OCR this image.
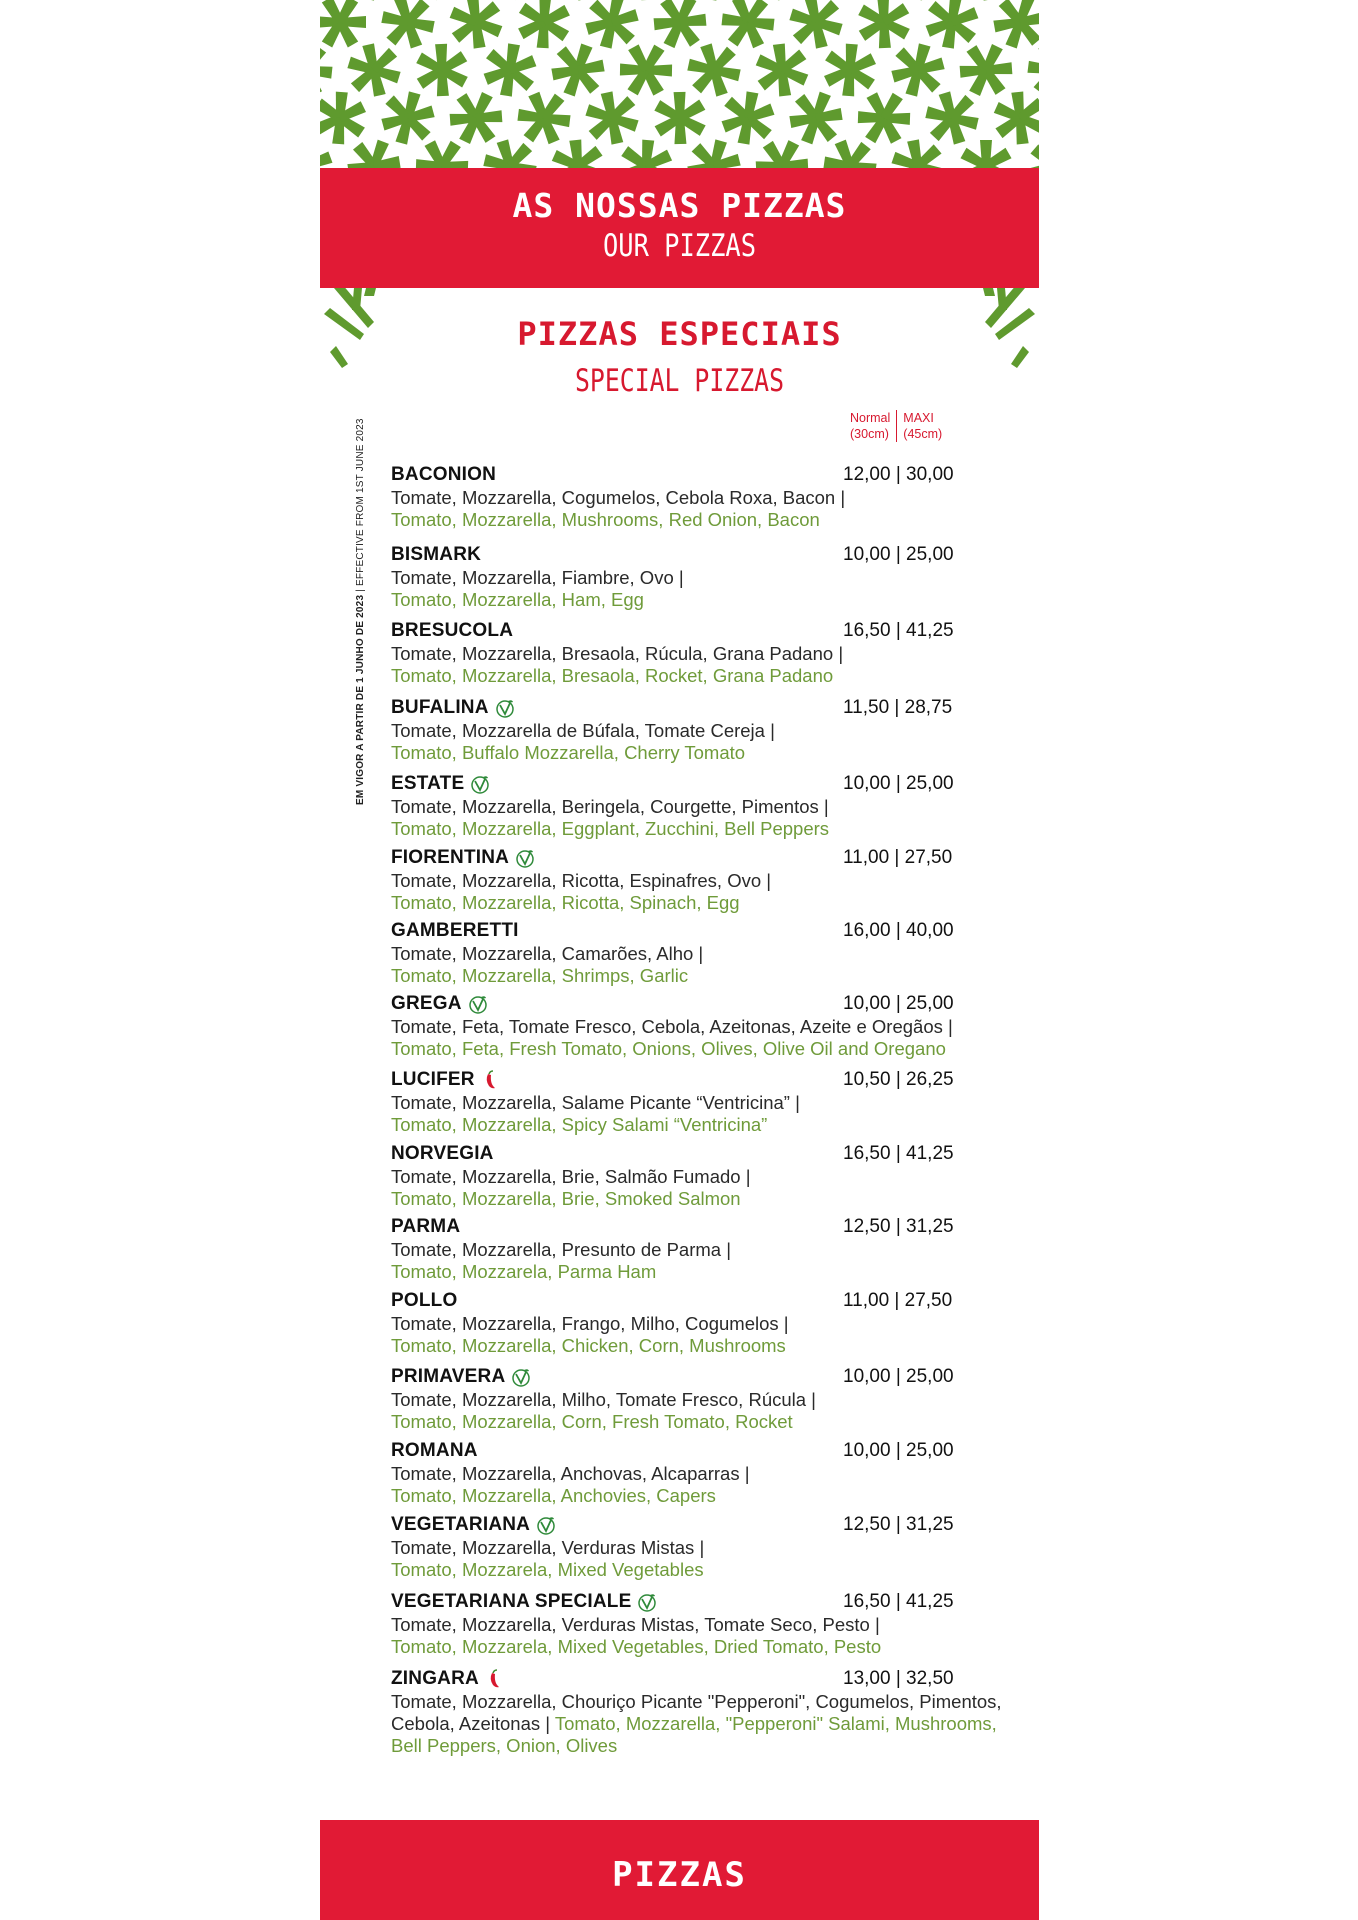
AS NOSSAS PIZZAS
OUR PIZZAS
PIZZAS ESPECIAIS
SPECIAL PIZZAS
Normal
(30cm)
MAXI
(45cm)
EM VIGOR A PARTIR DE 1 JUNHO DE 2023 | EFFECTIVE FROM 1ST JUNE 2023 BACONION	12,00 | 30,00
Tomate, Mozzarella, Cogumelos, Cebola Roxa, Bacon |
Tomato, Mozzarella, Mushrooms, Red Onion, Bacon
BISMARK	10,00 | 25,00
Tomate, Mozzarella, Fiambre, Ovo |
Tomato, Mozzarella, Ham, Egg
BRESUCOLA	16,50 | 41,25
Tomate, Mozzarella, Bresaola, Rúcula, Grana Padano |
Tomato, Mozzarella, Bresaola, Rocket, Grana Padano
BUFALINA	11,50 | 28,75
Tomate, Mozzarella de Búfala, Tomate Cereja |
Tomato, Buffalo Mozzarella, Cherry Tomato
ESTATE	10,00 | 25,00
Tomate, Mozzarella, Beringela, Courgette, Pimentos |
Tomato, Mozzarella, Eggplant, Zucchini, Bell Peppers
FIORENTINA	11,00 | 27,50
Tomate, Mozzarella, Ricotta, Espinafres, Ovo |
Tomato, Mozzarella, Ricotta, Spinach, Egg
GAMBERETTI	16,00 | 40,00
Tomate, Mozzarella, Camarões, Alho |
Tomato, Mozzarella, Shrimps, Garlic
GREGA	10,00 | 25,00
Tomate, Feta, Tomate Fresco, Cebola, Azeitonas, Azeite e Oregãos |
Tomato, Feta, Fresh Tomato, Onions, Olives, Olive Oil and Oregano
LUCIFER	10,50 | 26,25
Tomate, Mozzarella, Salame Picante “Ventricina” |
Tomato, Mozzarella, Spicy Salami “Ventricina”
NORVEGIA	16,50 | 41,25
Tomate, Mozzarella, Brie, Salmão Fumado |
Tomato, Mozzarella, Brie, Smoked Salmon
PARMA	12,50 | 31,25
Tomate, Mozzarella, Presunto de Parma |
Tomato, Mozzarela, Parma Ham
POLLO	11,00 | 27,50
Tomate, Mozzarella, Frango, Milho, Cogumelos |
Tomato, Mozzarella, Chicken, Corn, Mushrooms
PRIMAVERA	10,00 | 25,00
Tomate, Mozzarella, Milho, Tomate Fresco, Rúcula |
Tomato, Mozzarella, Corn, Fresh Tomato, Rocket
ROMANA	10,00 | 25,00
Tomate, Mozzarella, Anchovas, Alcaparras |
Tomato, Mozzarella, Anchovies, Capers
VEGETARIANA	12,50 | 31,25
Tomate, Mozzarella, Verduras Mistas |
Tomato, Mozzarela, Mixed Vegetables
VEGETARIANA SPECIALE	16,50 | 41,25
Tomate, Mozzarella, Verduras Mistas, Tomate Seco, Pesto |
Tomato, Mozzarela, Mixed Vegetables, Dried Tomato, Pesto
ZINGARA	13,00 | 32,50
Tomate, Mozzarella, Chouriço Picante "Pepperoni", Cogumelos, Pimentos, Cebola, Azeitonas | Tomato, Mozzarella, "Pepperoni" Salami, Mushrooms, Bell Peppers, Onion, Olives
PIZZAS
